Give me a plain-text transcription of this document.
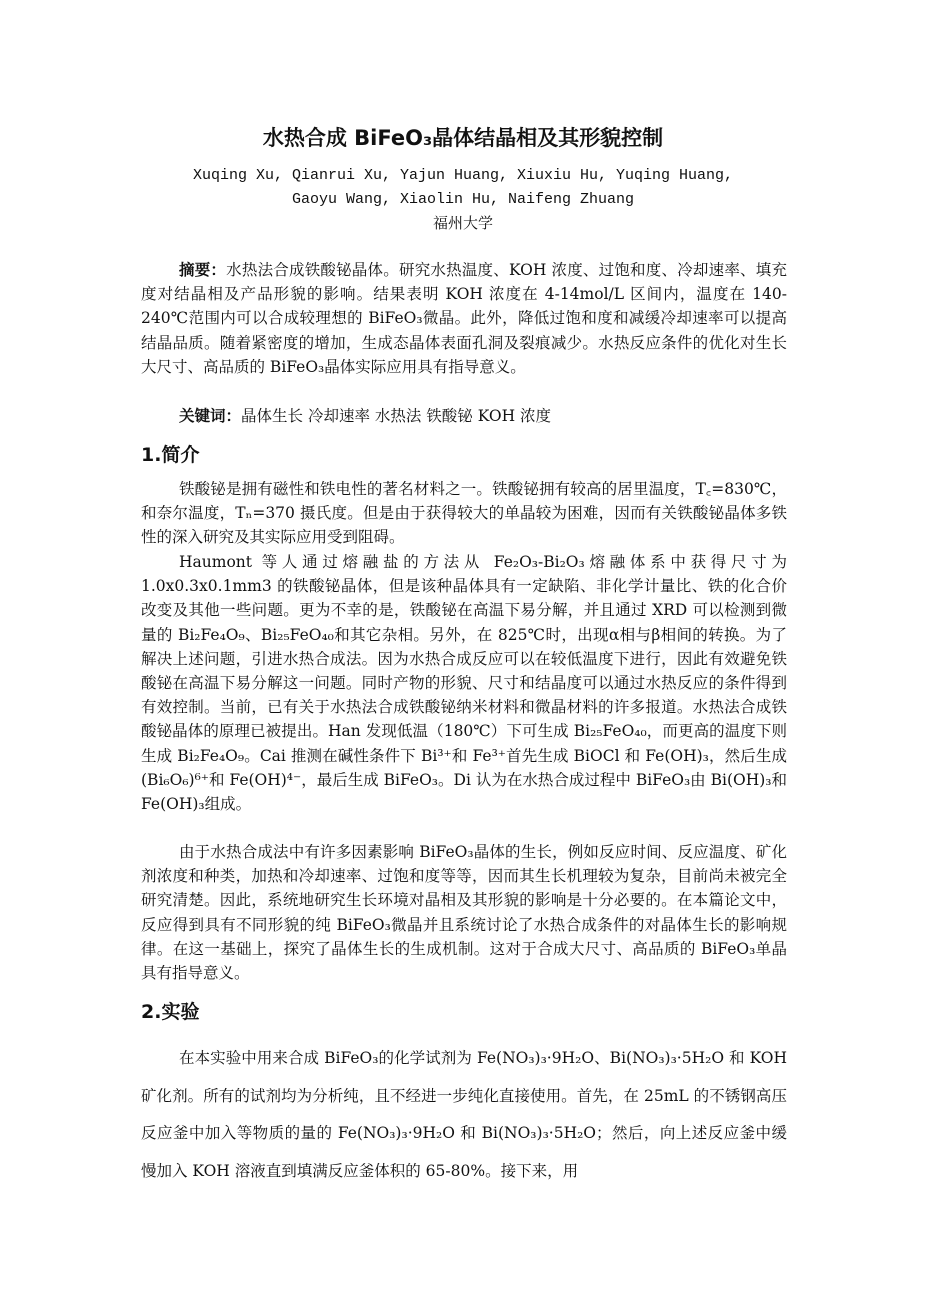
水热合成 BiFeO₃晶体结晶相及其形貌控制
Xuqing Xu, Qianrui Xu, Yajun Huang, Xiuxiu Hu, Yuqing Huang,
Gaoyu Wang, Xiaolin Hu, Naifeng Zhuang
福州大学
摘要：水热法合成铁酸铋晶体。研究水热温度、KOH 浓度、过饱和度、冷却速率、填充度对结晶相及产品形貌的影响。结果表明 KOH 浓度在 4-14mol/L 区间内，温度在 140-240℃范围内可以合成较理想的 BiFeO₃微晶。此外，降低过饱和度和减缓冷却速率可以提高结晶品质。随着紧密度的增加，生成态晶体表面孔洞及裂痕减少。水热反应条件的优化对生长大尺寸、高品质的 BiFeO₃晶体实际应用具有指导意义。
关键词：晶体生长 冷却速率 水热法 铁酸铋 KOH 浓度
1.简介
铁酸铋是拥有磁性和铁电性的著名材料之一。铁酸铋拥有较高的居里温度，T꜀=830℃，和奈尔温度，Tₙ=370 摄氏度。但是由于获得较大的单晶较为困难，因而有关铁酸铋晶体多铁性的深入研究及其实际应用受到阻碍。
Haumont 等人通过熔融盐的方法从 Fe₂O₃-Bi₂O₃熔融体系中获得尺寸为 1.0x0.3x0.1mm3 的铁酸铋晶体，但是该种晶体具有一定缺陷、非化学计量比、铁的化合价改变及其他一些问题。更为不幸的是，铁酸铋在高温下易分解，并且通过 XRD 可以检测到微量的 Bi₂Fe₄O₉、Bi₂₅FeO₄₀和其它杂相。另外，在 825℃时，出现α相与β相间的转换。为了解决上述问题，引进水热合成法。因为水热合成反应可以在较低温度下进行，因此有效避免铁酸铋在高温下易分解这一问题。同时产物的形貌、尺寸和结晶度可以通过水热反应的条件得到有效控制。当前，已有关于水热法合成铁酸铋纳米材料和微晶材料的许多报道。水热法合成铁酸铋晶体的原理已被提出。Han 发现低温（180℃）下可生成 Bi₂₅FeO₄₀，而更高的温度下则生成 Bi₂Fe₄O₉。Cai 推测在碱性条件下 Bi³⁺和 Fe³⁺首先生成 BiOCl 和 Fe(OH)₃，然后生成(Bi₆O₆)⁶⁺和 Fe(OH)⁴⁻，最后生成 BiFeO₃。Di 认为在水热合成过程中 BiFeO₃由 Bi(OH)₃和 Fe(OH)₃组成。
由于水热合成法中有许多因素影响 BiFeO₃晶体的生长，例如反应时间、反应温度、矿化剂浓度和种类，加热和冷却速率、过饱和度等等，因而其生长机理较为复杂，目前尚未被完全研究清楚。因此，系统地研究生长环境对晶相及其形貌的影响是十分必要的。在本篇论文中，反应得到具有不同形貌的纯 BiFeO₃微晶并且系统讨论了水热合成条件的对晶体生长的影响规律。在这一基础上，探究了晶体生长的生成机制。这对于合成大尺寸、高品质的 BiFeO₃单晶具有指导意义。
2.实验
在本实验中用来合成 BiFeO₃的化学试剂为 Fe(NO₃)₃·9H₂O、Bi(NO₃)₃·5H₂O 和 KOH 矿化剂。所有的试剂均为分析纯，且不经进一步纯化直接使用。首先，在 25mL 的不锈钢高压反应釜中加入等物质的量的 Fe(NO₃)₃·9H₂O 和 Bi(NO₃)₃·5H₂O；然后，向上述反应釜中缓慢加入 KOH 溶液直到填满反应釜体积的 65-80%。接下来，用
